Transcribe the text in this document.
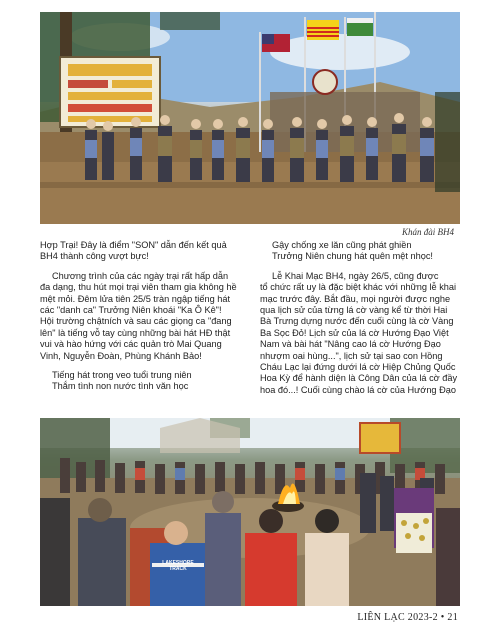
Khán đài BH4

Hợp Trại! Đây là điểm "SON" dẫn đến kết quả
BH4 thành công vượt bực!

Chương trình của các ngày trại rất hấp dẫn
đa dạng, thu hút mọi trại viên tham gia không hề
mệt mỏi. Đêm lửa tiên 25/5 tràn ngập tiếng hát
các "danh ca" Trưởng Niên khoái "Ka Ô Kê"!
Hội trường chậtních và sau các giọng ca "đang
lên" là tiếng vỗ tay cùng những bài hát HĐ thật
vui và hào hứng với các quản trò Mai Quang
Vinh, Nguyễn Đoàn, Phùng Khánh Bảo!

Tiếng hát trong veo tuổi trung niên
Thắm tình non nước tình văn học

Gậy chống xe lăn cũng phát ghiền
Trưởng Niên chung hát quên mệt nhọc!

Lễ Khai Mạc BH4, ngày 26/5, cũng được
tổ chức rất uy là đặc biệt khác với những lễ khai
mạc trước đây. Bắt đầu, mọi người được nghe
qua lịch sử của từng lá cờ vàng kể từ thời Hai
Bà Trưng dựng nước đến cuối cùng là cờ Vàng
Ba Sọc Đỏ! Lịch sử của lá cờ Hướng Đạo Việt
Nam và bài hát "Nâng cao lá cờ Hướng Đạo
nhượm oai hùng...", lịch sử tại sao con Hồng
Cháu Lạc lại đứng dưới lá cờ Hiệp Chủng Quốc
Hoa Kỳ để hành diện là Công Dân của lá cờ đầy
hoa đó...! Cuối cùng chào lá cờ của Hướng Đạo

LAKESHORE
TRACK
LIÊN LẠC 2023-2 • 21
